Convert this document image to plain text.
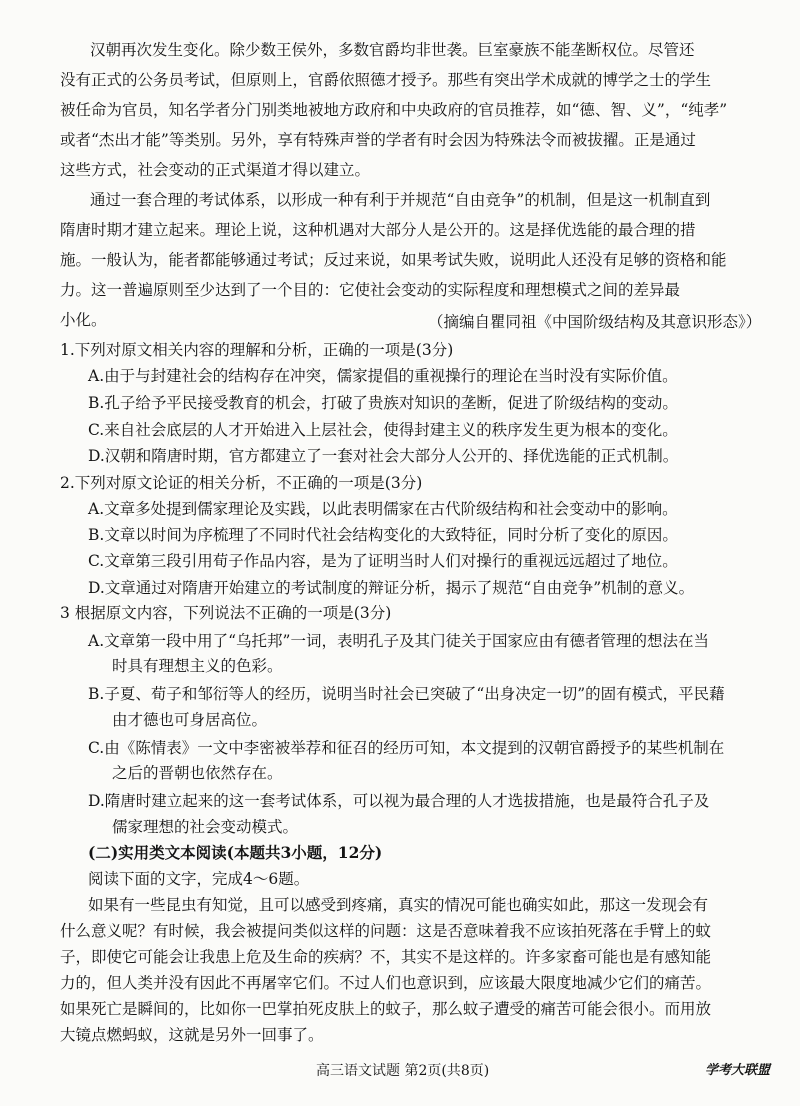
汉朝再次发生变化。除少数王侯外，多数官爵均非世袭。巨室豪族不能垄断权位。尽管还
没有正式的公务员考试，但原则上，官爵依照德才授予。那些有突出学术成就的博学之士的学生
被任命为官员，知名学者分门别类地被地方政府和中央政府的官员推荐，如“德、智、义”，“纯孝”
或者“杰出才能”等类别。另外，享有特殊声誉的学者有时会因为特殊法令而被拔擢。正是通过
这些方式，社会变动的正式渠道才得以建立。
通过一套合理的考试体系，以形成一种有利于并规范“自由竞争”的机制，但是这一机制直到
隋唐时期才建立起来。理论上说，这种机遇对大部分人是公开的。这是择优选能的最合理的措
施。一般认为，能者都能够通过考试；反过来说，如果考试失败，说明此人还没有足够的资格和能
力。这一普遍原则至少达到了一个目的：它使社会变动的实际程度和理想模式之间的差异最
小化。	（摘编自瞿同祖《中国阶级结构及其意识形态》）
1.下列对原文相关内容的理解和分析，正确的一项是(3分)
A.由于与封建社会的结构存在冲突，儒家提倡的重视操行的理论在当时没有实际价值。
B.孔子给予平民接受教育的机会，打破了贵族对知识的垄断，促进了阶级结构的变动。
C.来自社会底层的人才开始进入上层社会，使得封建主义的秩序发生更为根本的变化。
D.汉朝和隋唐时期，官方都建立了一套对社会大部分人公开的、择优选能的正式机制。
2.下列对原文论证的相关分析，不正确的一项是(3分)
A.文章多处提到儒家理论及实践，以此表明儒家在古代阶级结构和社会变动中的影响。
B.文章以时间为序梳理了不同时代社会结构变化的大致特征，同时分析了变化的原因。
C.文章第三段引用荀子作品内容，是为了证明当时人们对操行的重视远远超过了地位。
D.文章通过对隋唐开始建立的考试制度的辩证分析，揭示了规范“自由竞争”机制的意义。
3 根据原文内容，下列说法不正确的一项是(3分)
A.文章第一段中用了“乌托邦”一词，表明孔子及其门徒关于国家应由有德者管理的想法在当
时具有理想主义的色彩。
B.子夏、荀子和邹衍等人的经历，说明当时社会已突破了“出身决定一切”的固有模式，平民藉
由才德也可身居高位。
C.由《陈情表》一文中李密被举荐和征召的经历可知，本文提到的汉朝官爵授予的某些机制在
之后的晋朝也依然存在。
D.隋唐时建立起来的这一套考试体系，可以视为最合理的人才选拔措施，也是最符合孔子及
儒家理想的社会变动模式。
(二)实用类文本阅读(本题共3小题，12分)
阅读下面的文字，完成4～6题。
如果有一些昆虫有知觉，且可以感受到疼痛，真实的情况可能也确实如此，那这一发现会有
什么意义呢？有时候，我会被提问类似这样的问题：这是否意味着我不应该拍死落在手臂上的蚊
子，即使它可能会让我患上危及生命的疾病？不，其实不是这样的。许多家畜可能也是有感知能
力的，但人类并没有因此不再屠宰它们。不过人们也意识到，应该最大限度地减少它们的痛苦。
如果死亡是瞬间的，比如你一巴掌拍死皮肤上的蚊子，那么蚊子遭受的痛苦可能会很小。而用放
大镜点燃蚂蚁，这就是另外一回事了。
高三语文试题 第2页(共8页)	学考大联盟
